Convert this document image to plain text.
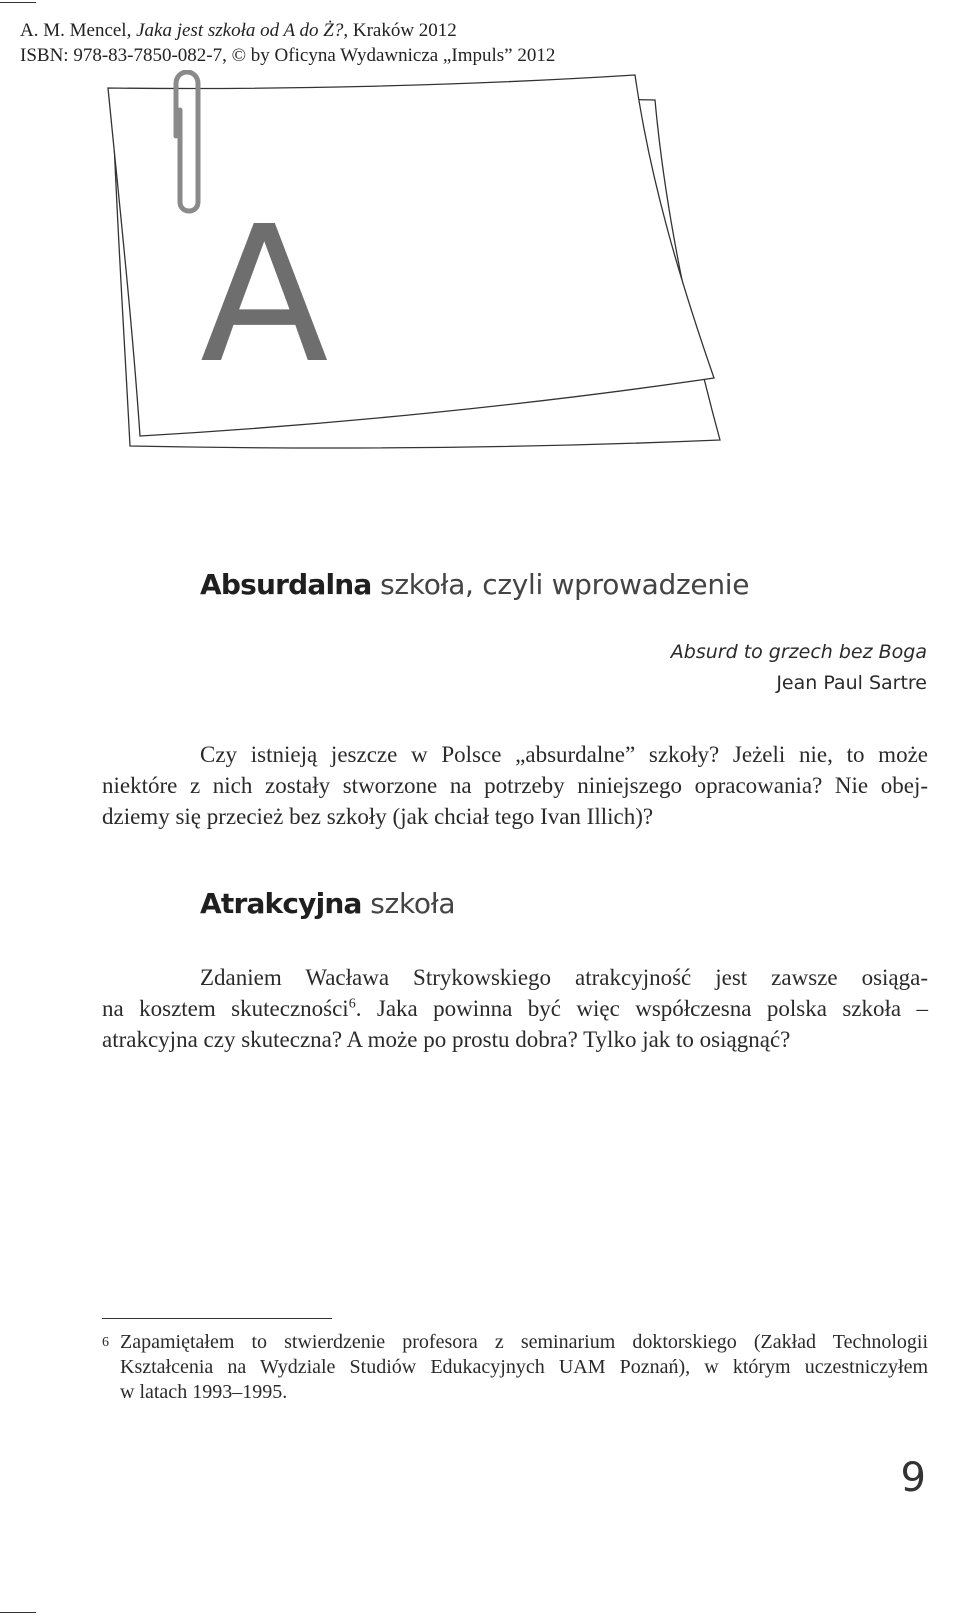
A. M. Mencel, Jaka jest szkoła od A do Ż?, Kraków 2012
ISBN: 978-83-7850-082-7, © by Oficyna Wydawnicza „Impuls” 2012
A
Absurdalna szkoła, czyli wprowadzenie
Absurd to grzech bez Boga
Jean Paul Sartre
Czy istnieją jeszcze w Polsce „absurdalne” szkoły? Jeżeli nie, to może
niektóre z nich zostały stworzone na potrzeby niniejszego opracowania? Nie obej-
dziemy się przecież bez szkoły (jak chciał tego Ivan Illich)?
Atrakcyjna szkoła
Zdaniem Wacława Strykowskiego atrakcyjność jest zawsze osiąga-
na kosztem skuteczności$^6$. Jaka powinna być więc współczesna polska szkoła –
atrakcyjna czy skuteczna? A może po prostu dobra? Tylko jak to osiągnąć?
6 Zapamiętałem to stwierdzenie profesora z seminarium doktorskiego (Zakład Technologii
Kształcenia na Wydziale Studiów Edukacyjnych UAM Poznań), w którym uczestniczyłem
w latach 1993–1995.
9
